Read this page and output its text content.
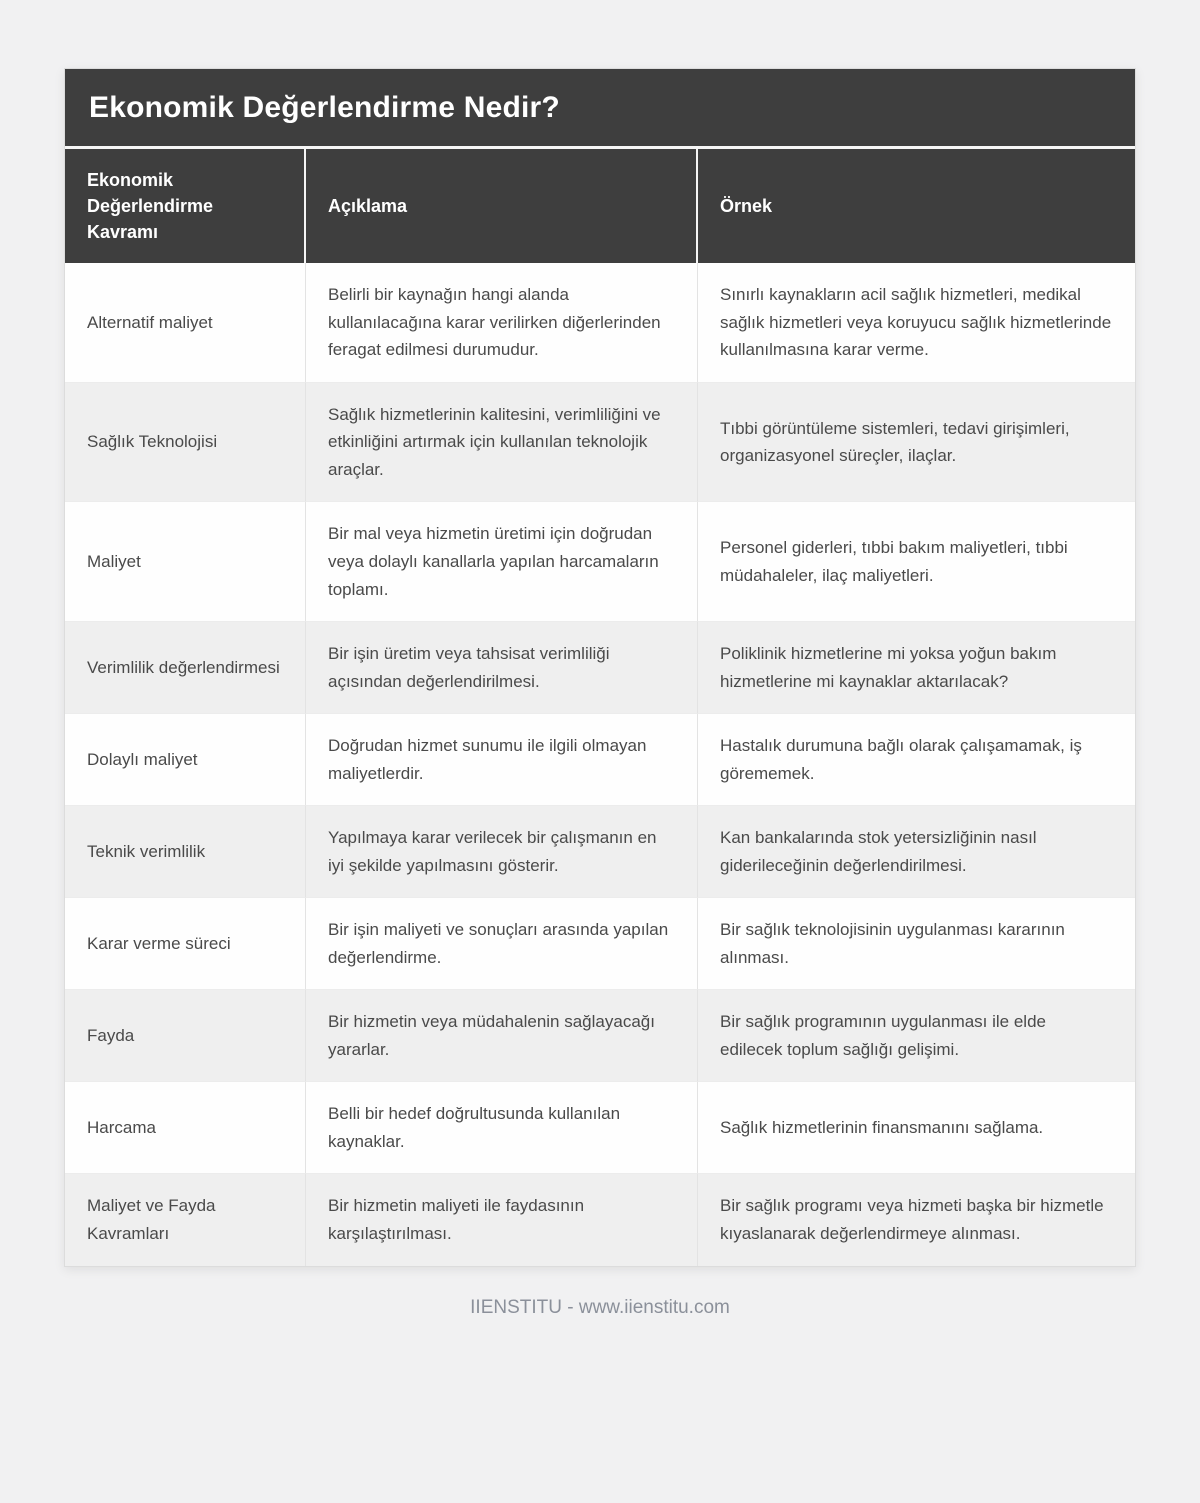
Ekonomik Değerlendirme Nedir?
Ekonomik Değerlendirme Kavramı	Açıklama	Örnek
Alternatif maliyet	Belirli bir kaynağın hangi alanda kullanılacağına karar verilirken diğerlerinden feragat edilmesi durumudur.	Sınırlı kaynakların acil sağlık hizmetleri, medikal sağlık hizmetleri veya koruyucu sağlık hizmetlerinde kullanılmasına karar verme.
Sağlık Teknolojisi	Sağlık hizmetlerinin kalitesini, verimliliğini ve etkinliğini artırmak için kullanılan teknolojik araçlar.	Tıbbi görüntüleme sistemleri, tedavi girişimleri, organizasyonel süreçler, ilaçlar.
Maliyet	Bir mal veya hizmetin üretimi için doğrudan veya dolaylı kanallarla yapılan harcamaların toplamı.	Personel giderleri, tıbbi bakım maliyetleri, tıbbi müdahaleler, ilaç maliyetleri.
Verimlilik değerlendirmesi	Bir işin üretim veya tahsisat verimliliği açısından değerlendirilmesi.	Poliklinik hizmetlerine mi yoksa yoğun bakım hizmetlerine mi kaynaklar aktarılacak?
Dolaylı maliyet	Doğrudan hizmet sunumu ile ilgili olmayan maliyetlerdir.	Hastalık durumuna bağlı olarak çalışamamak, iş görememek.
Teknik verimlilik	Yapılmaya karar verilecek bir çalışmanın en iyi şekilde yapılmasını gösterir.	Kan bankalarında stok yetersizliğinin nasıl giderileceğinin değerlendirilmesi.
Karar verme süreci	Bir işin maliyeti ve sonuçları arasında yapılan değerlendirme.	Bir sağlık teknolojisinin uygulanması kararının alınması.
Fayda	Bir hizmetin veya müdahalenin sağlayacağı yararlar.	Bir sağlık programının uygulanması ile elde edilecek toplum sağlığı gelişimi.
Harcama	Belli bir hedef doğrultusunda kullanılan kaynaklar.	Sağlık hizmetlerinin finansmanını sağlama.
Maliyet ve Fayda Kavramları	Bir hizmetin maliyeti ile faydasının karşılaştırılması.	Bir sağlık programı veya hizmeti başka bir hizmetle kıyaslanarak değerlendirmeye alınması.
IIENSTITU - www.iienstitu.com
